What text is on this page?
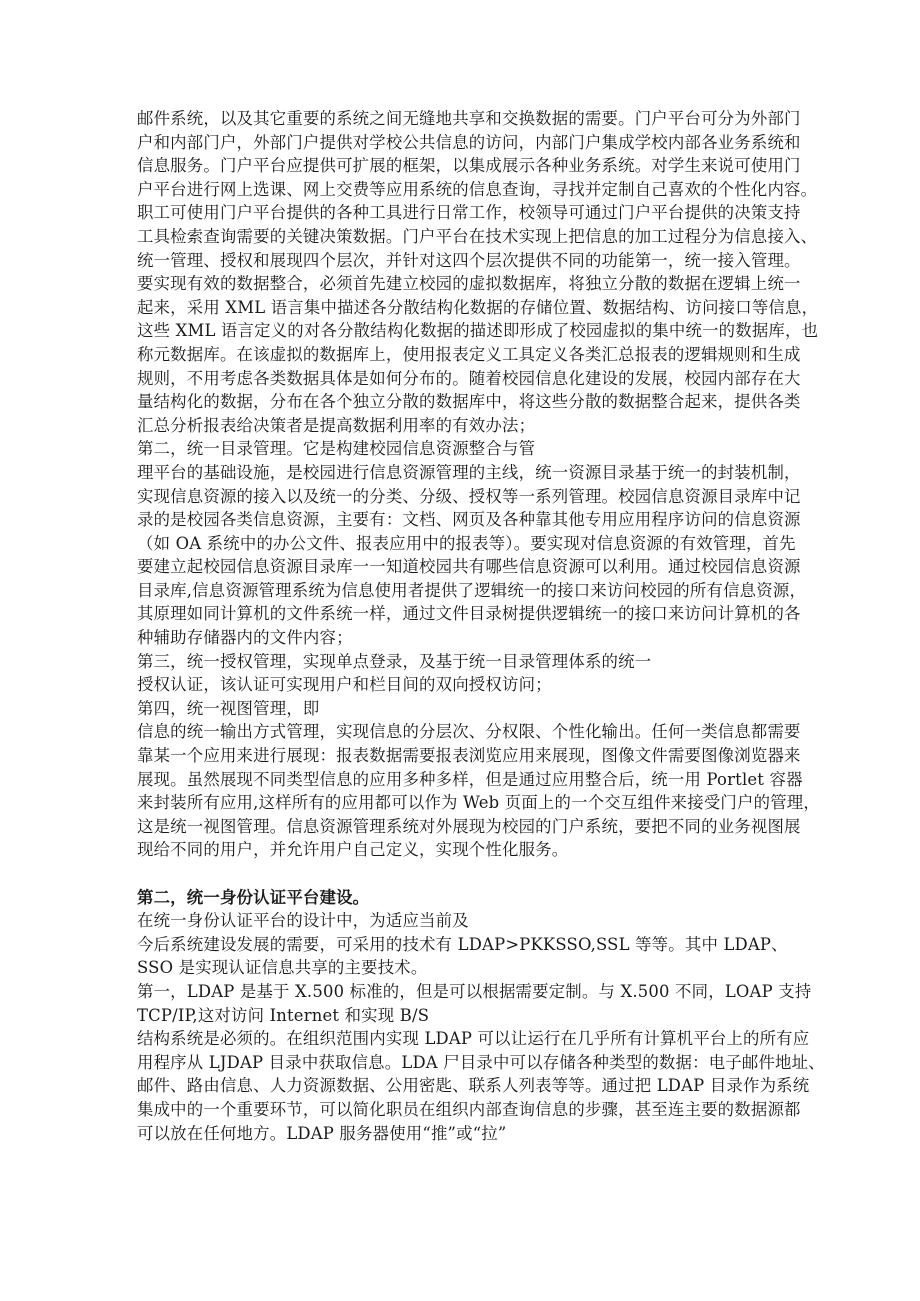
邮件系统，以及其它重要的系统之间无缝地共享和交换数据的需要。门户平台可分为外部门
户和内部门户，外部门户提供对学校公共信息的访问，内部门户集成学校内部各业务系统和
信息服务。门户平台应提供可扩展的框架，以集成展示各种业务系统。对学生来说可使用门
户平台进行网上选课、网上交费等应用系统的信息查询，寻找并定制自己喜欢的个性化内容。
职工可使用门户平台提供的各种工具进行日常工作，校领导可通过门户平台提供的决策支持
工具检索查询需要的关键决策数据。门户平台在技术实现上把信息的加工过程分为信息接入、
统一管理、授权和展现四个层次，并针对这四个层次提供不同的功能第一，统一接入管理。
要实现有效的数据整合，必须首先建立校园的虚拟数据库，将独立分散的数据在逻辑上统一
起来，采用 XML 语言集中描述各分散结构化数据的存储位置、数据结构、访问接口等信息，
这些 XML 语言定义的对各分散结构化数据的描述即形成了校园虚拟的集中统一的数据库，也
称元数据库。在该虚拟的数据库上，使用报表定义工具定义各类汇总报表的逻辑规则和生成
规则，不用考虑各类数据具体是如何分布的。随着校园信息化建设的发展，校园内部存在大
量结构化的数据，分布在各个独立分散的数据库中，将这些分散的数据整合起来，提供各类
汇总分析报表给决策者是提高数据利用率的有效办法；
第二，统一目录管理。它是构建校园信息资源整合与管
理平台的基础设施，是校园进行信息资源管理的主线，统一资源目录基于统一的封装机制，
实现信息资源的接入以及统一的分类、分级、授权等一系列管理。校园信息资源目录库中记
录的是校园各类信息资源，主要有：文档、网页及各种靠其他专用应用程序访问的信息资源
（如 OA 系统中的办公文件、报表应用中的报表等）。要实现对信息资源的有效管理，首先
要建立起校园信息资源目录库一一知道校园共有哪些信息资源可以利用。通过校园信息资源
目录库,信息资源管理系统为信息使用者提供了逻辑统一的接口来访问校园的所有信息资源，
其原理如同计算机的文件系统一样，通过文件目录树提供逻辑统一的接口来访问计算机的各
种辅助存储器内的文件内容；
第三，统一授权管理，实现单点登录，及基于统一目录管理体系的统一
授权认证，该认证可实现用户和栏目间的双向授权访问；
第四，统一视图管理，即
信息的统一输出方式管理，实现信息的分层次、分权限、个性化输出。任何一类信息都需要
靠某一个应用来进行展现：报表数据需要报表浏览应用来展现，图像文件需要图像浏览器来
展现。虽然展现不同类型信息的应用多种多样，但是通过应用整合后，统一用 Portlet 容器
来封装所有应用,这样所有的应用都可以作为 Web 页面上的一个交互组件来接受门户的管理，
这是统一视图管理。信息资源管理系统对外展现为校园的门户系统，要把不同的业务视图展
现给不同的用户，并允许用户自己定义，实现个性化服务。
第二，统一身份认证平台建设。
在统一身份认证平台的设计中，为适应当前及
今后系统建设发展的需要，可采用的技术有 LDAP>PKKSSO,SSL 等等。其中 LDAP、
SSO 是实现认证信息共享的主要技术。
第一，LDAP 是基于 X.500 标准的，但是可以根据需要定制。与 X.500 不同，LOAP 支持
TCP/IP,这对访问 Internet 和实现 B/S
结构系统是必须的。在组织范围内实现 LDAP 可以让运行在几乎所有计算机平台上的所有应
用程序从 LJDAP 目录中获取信息。LDA 尸目录中可以存储各种类型的数据：电子邮件地址、
邮件、路由信息、人力资源数据、公用密匙、联系人列表等等。通过把 LDAP 目录作为系统
集成中的一个重要环节，可以简化职员在组织内部查询信息的步骤，甚至连主要的数据源都
可以放在任何地方。LDAP 服务器使用“推”或“拉”
